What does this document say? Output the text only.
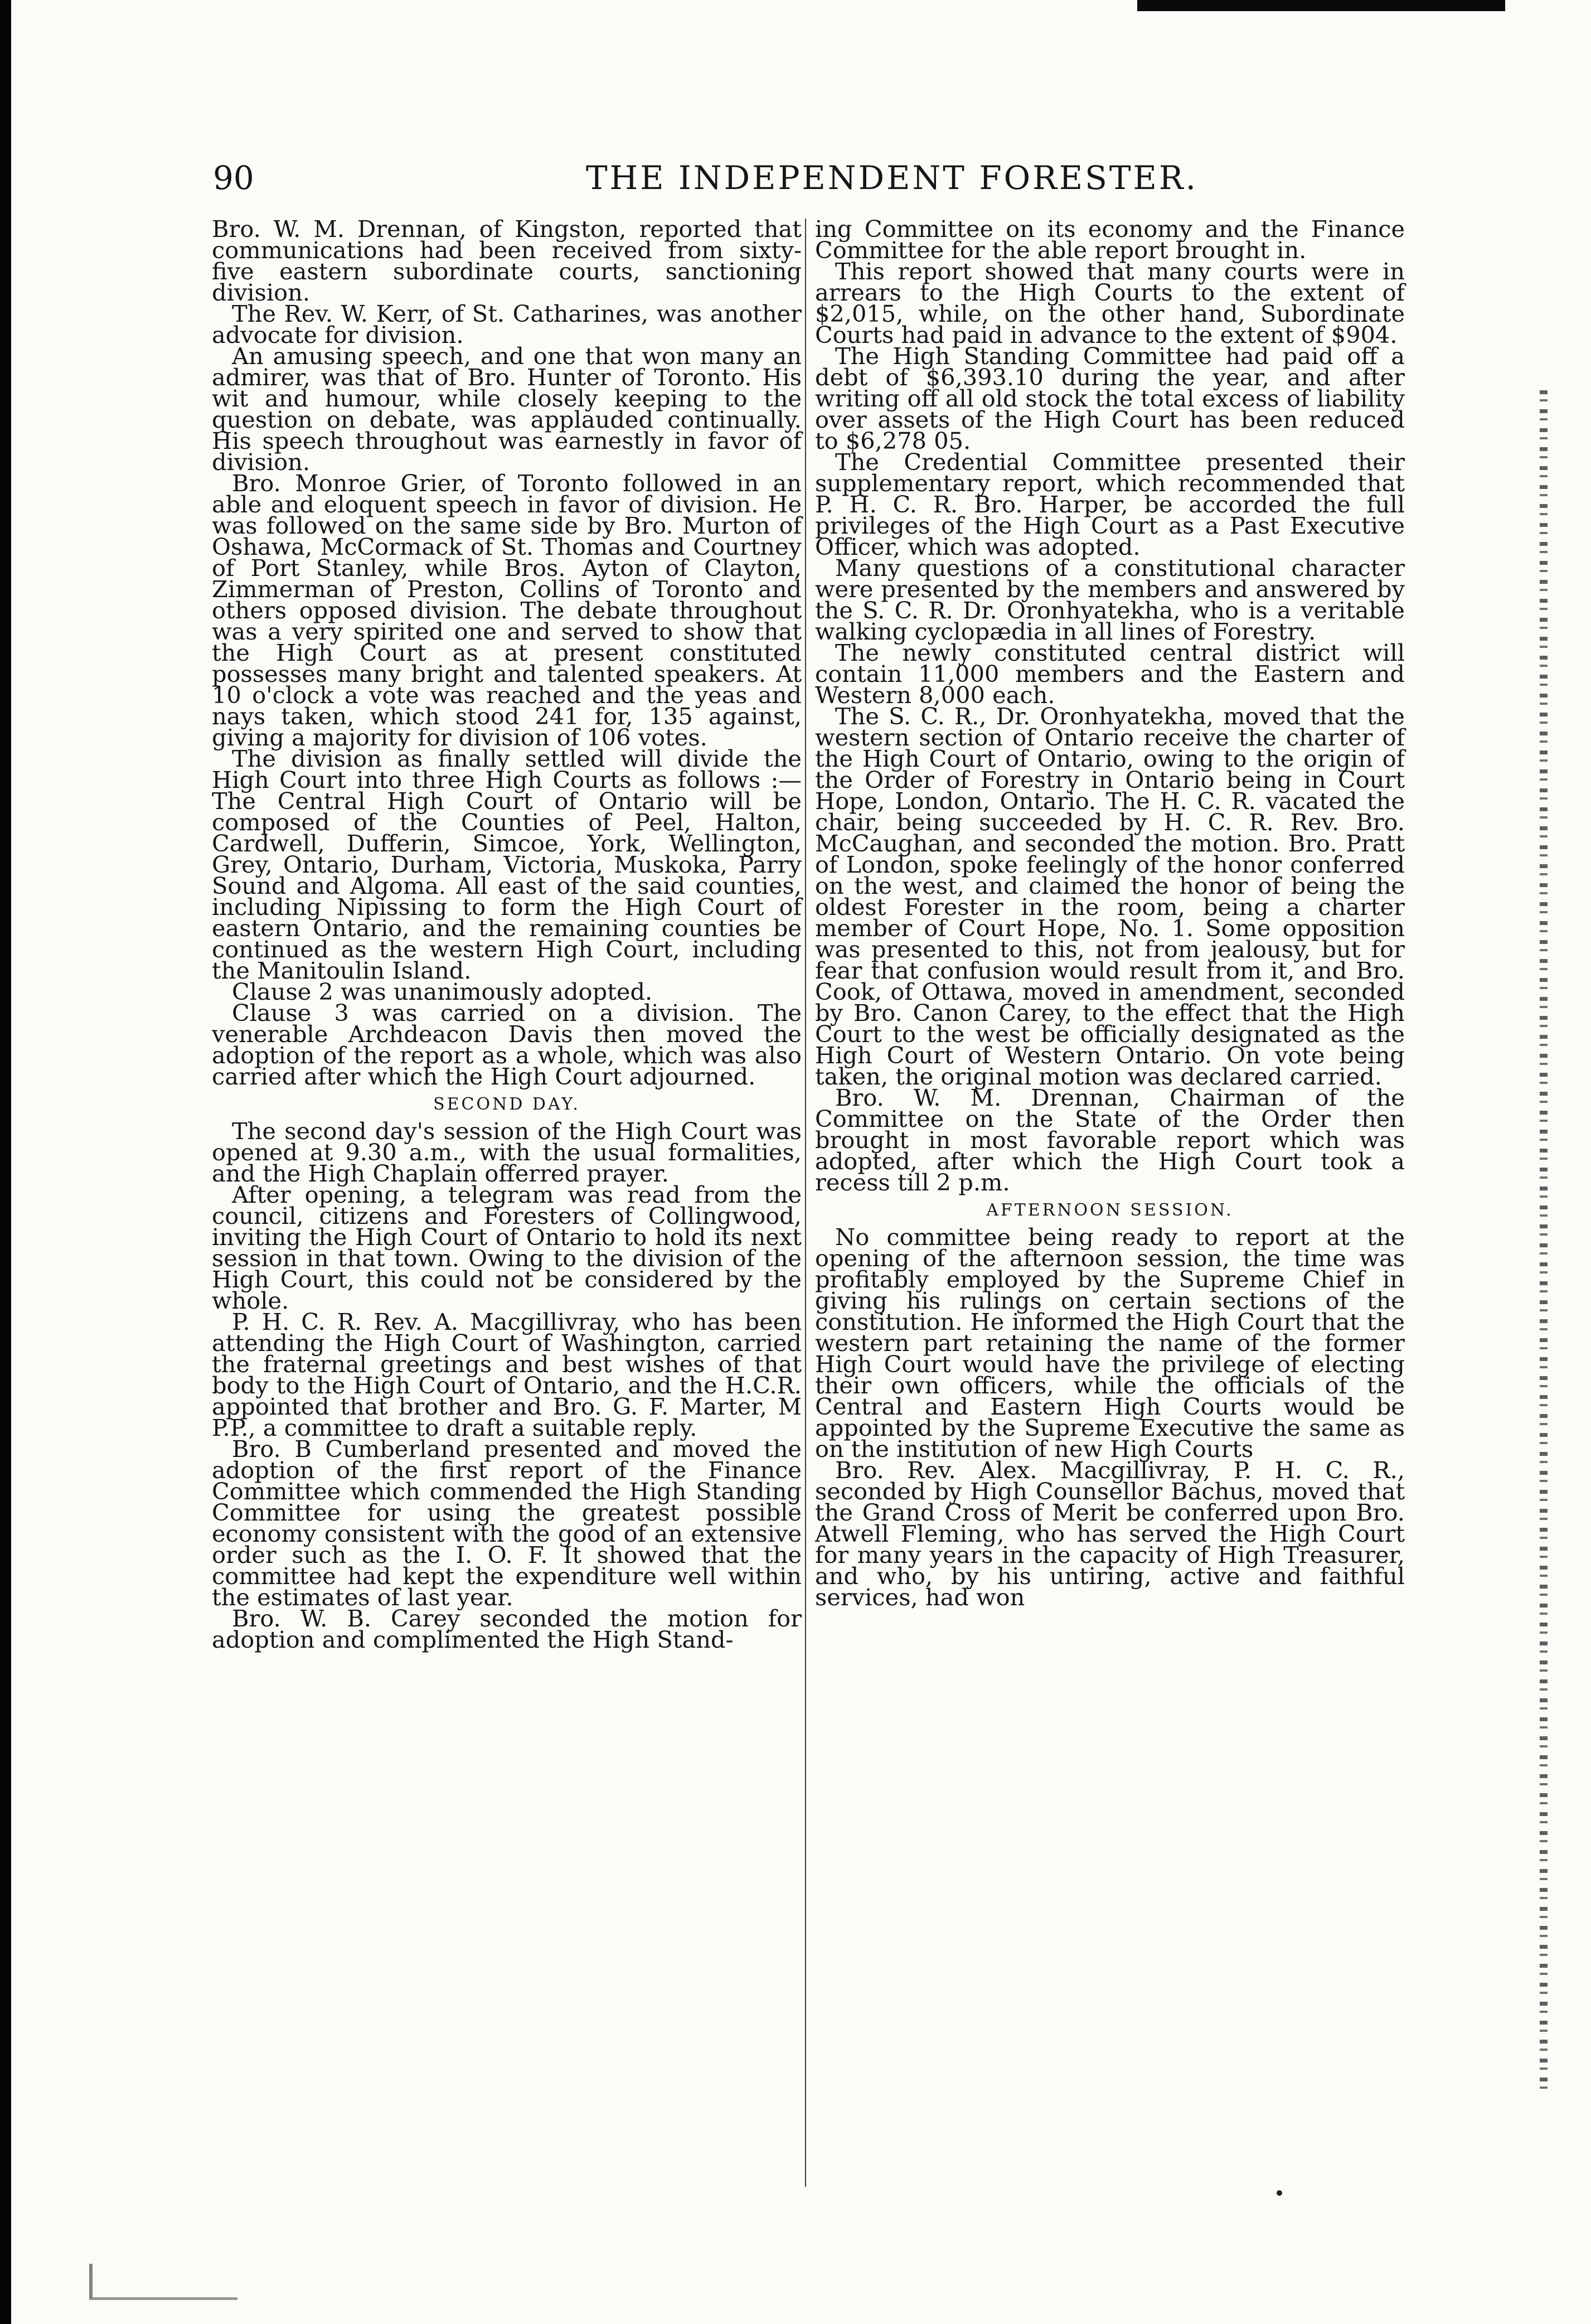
90	THE INDEPENDENT FORESTER.

Bro. W. M. Drennan, of Kingston, reported that communications had been received from sixty-five eastern subordinate courts, sanctioning division.

The Rev. W. Kerr, of St. Catharines, was another advocate for division.

An amusing speech, and one that won many an admirer, was that of Bro. Hunter of Toronto. His wit and humour, while closely keeping to the question on debate, was applauded continually. His speech throughout was earnestly in favor of division.

Bro. Monroe Grier, of Toronto followed in an able and eloquent speech in favor of division. He was followed on the same side by Bro. Murton of Oshawa, McCormack of St. Thomas and Courtney of Port Stanley, while Bros. Ayton of Clayton, Zimmerman of Preston, Collins of Toronto and others opposed division. The debate throughout was a very spirited one and served to show that the High Court as at present constituted possesses many bright and talented speakers. At 10 o'clock a vote was reached and the yeas and nays taken, which stood 241 for, 135 against, giving a majority for division of 106 votes.

The division as finally settled will divide the High Court into three High Courts as follows :—The Central High Court of Ontario will be composed of the Counties of Peel, Halton, Cardwell, Dufferin, Simcoe, York, Wellington, Grey, Ontario, Durham, Victoria, Muskoka, Parry Sound and Algoma. All east of the said counties, including Nipissing to form the High Court of eastern Ontario, and the remaining counties be continued as the western High Court, including the Manitoulin Island.

Clause 2 was unanimously adopted.

Clause 3 was carried on a division. The venerable Archdeacon Davis then moved the adoption of the report as a whole, which was also carried after which the High Court adjourned.

SECOND DAY.

The second day's session of the High Court was opened at 9.30 a.m., with the usual formalities, and the High Chaplain offerred prayer.

After opening, a telegram was read from the council, citizens and Foresters of Collingwood, inviting the High Court of Ontario to hold its next session in that town. Owing to the division of the High Court, this could not be considered by the whole.

P. H. C. R. Rev. A. Macgillivray, who has been attending the High Court of Washington, carried the fraternal greetings and best wishes of that body to the High Court of Ontario, and the H.C.R. appointed that brother and Bro. G. F. Marter, M P.P., a committee to draft a suitable reply.

Bro. B Cumberland presented and moved the adoption of the first report of the Finance Committee which commended the High Standing Committee for using the greatest possible economy consistent with the good of an extensive order such as the I. O. F. It showed that the committee had kept the expenditure well within the estimates of last year.

Bro. W. B. Carey seconded the motion for adoption and complimented the High Stand-

ing Committee on its economy and the Finance Committee for the able report brought in.

This report showed that many courts were in arrears to the High Courts to the extent of $2,015, while, on the other hand, Subordinate Courts had paid in advance to the extent of $904.

The High Standing Committee had paid off a debt of $6,393.10 during the year, and after writing off all old stock the total excess of liability over assets of the High Court has been reduced to $6,278 05.

The Credential Committee presented their supplementary report, which recommended that P. H. C. R. Bro. Harper, be accorded the full privileges of the High Court as a Past Executive Officer, which was adopted.

Many questions of a constitutional character were presented by the members and answered by the S. C. R. Dr. Oronhyatekha, who is a veritable walking cyclopædia in all lines of Forestry.

The newly constituted central district will contain 11,000 members and the Eastern and Western 8,000 each.

The S. C. R., Dr. Oronhyatekha, moved that the western section of Ontario receive the charter of the High Court of Ontario, owing to the origin of the Order of Forestry in Ontario being in Court Hope, London, Ontario. The H. C. R. vacated the chair, being succeeded by H. C. R. Rev. Bro. McCaughan, and seconded the motion. Bro. Pratt of London, spoke feelingly of the honor conferred on the west, and claimed the honor of being the oldest Forester in the room, being a charter member of Court Hope, No. 1. Some opposition was presented to this, not from jealousy, but for fear that confusion would result from it, and Bro. Cook, of Ottawa, moved in amendment, seconded by Bro. Canon Carey, to the effect that the High Court to the west be officially designated as the High Court of Western Ontario. On vote being taken, the original motion was declared carried.

Bro. W. M. Drennan, Chairman of the Committee on the State of the Order then brought in most favorable report which was adopted, after which the High Court took a recess till 2 p.m.

AFTERNOON SESSION.

No committee being ready to report at the opening of the afternoon session, the time was profitably employed by the Supreme Chief in giving his rulings on certain sections of the constitution. He informed the High Court that the western part retaining the name of the former High Court would have the privilege of electing their own officers, while the officials of the Central and Eastern High Courts would be appointed by the Supreme Executive the same as on the institution of new High Courts

Bro. Rev. Alex. Macgillivray, P. H. C. R., seconded by High Counsellor Bachus, moved that the Grand Cross of Merit be conferred upon Bro. Atwell Fleming, who has served the High Court for many years in the capacity of High Treasurer, and who, by his untiring, active and faithful services, had won
